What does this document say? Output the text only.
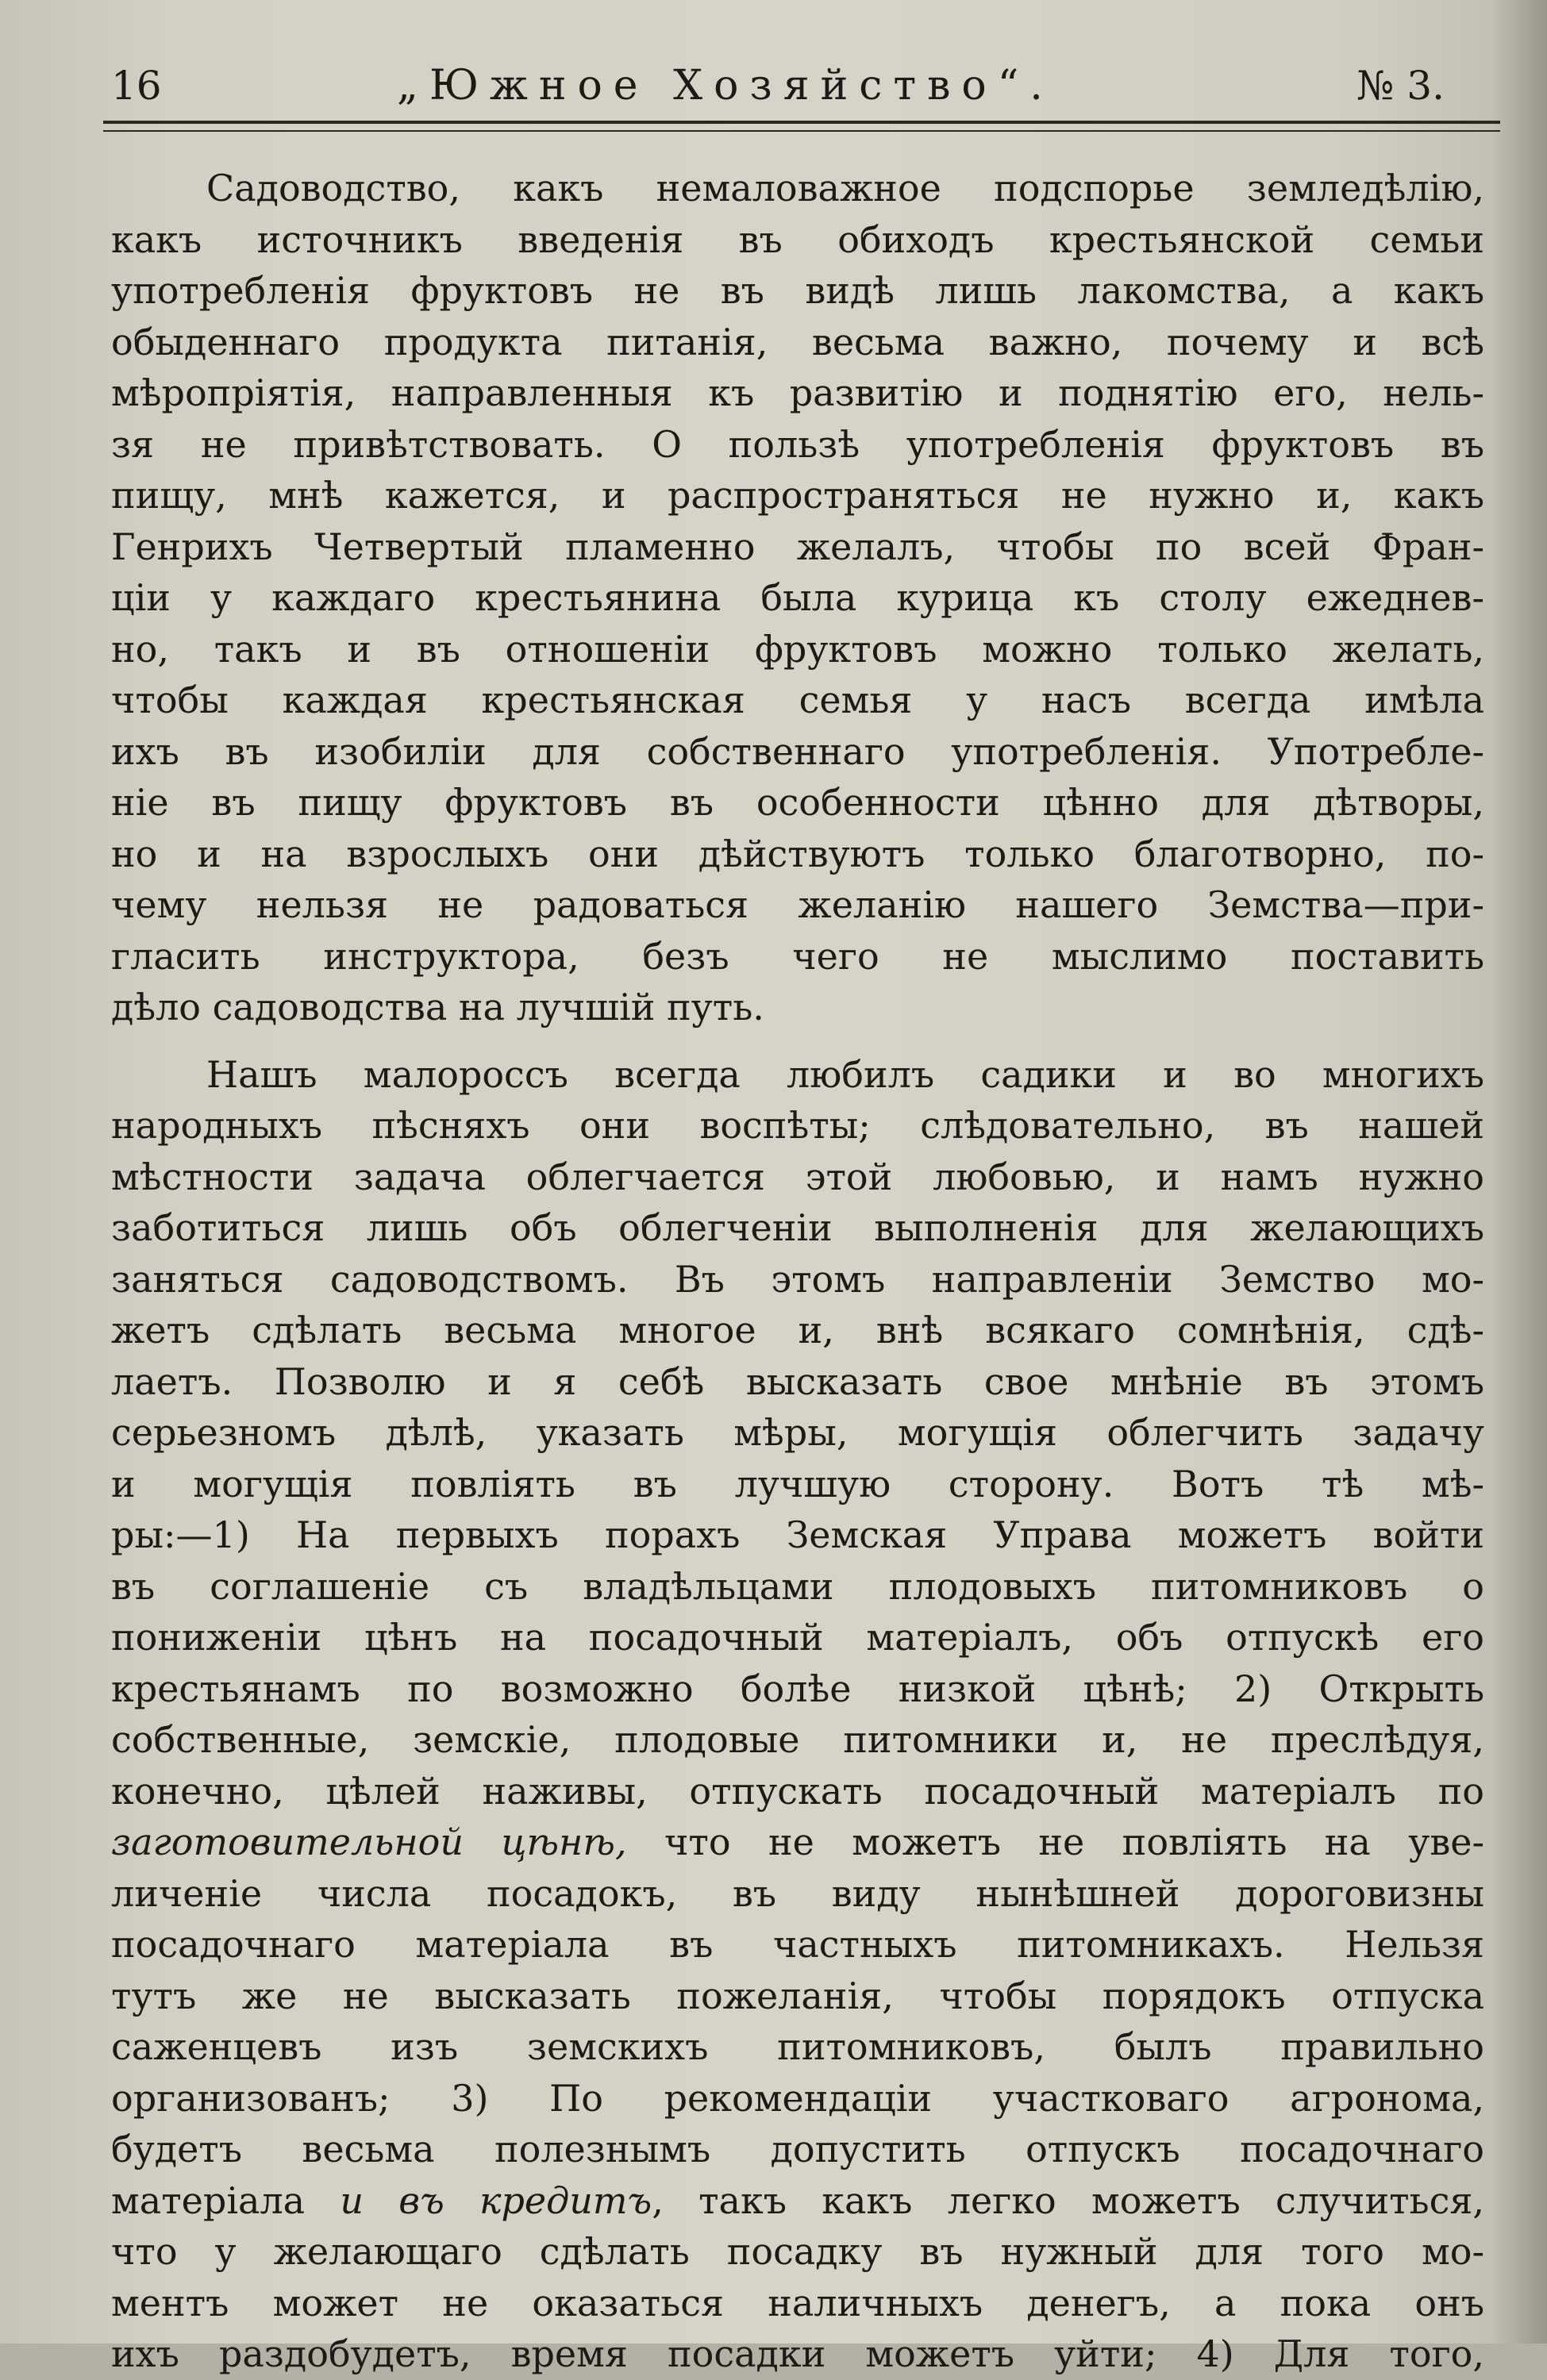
16	„Южное Хозяйство“.	№ 3.
Садоводство, какъ немаловажное подспорье земледѣлію,
какъ источникъ введенія въ обиходъ крестьянской семьи
употребленія фруктовъ не въ видѣ лишь лакомства, а какъ
обыденнаго продукта питанія, весьма важно, почему и всѣ
мѣропріятія, направленныя къ развитію и поднятію его, нель-
зя не привѣтствовать. О пользѣ употребленія фруктовъ въ
пищу, мнѣ кажется, и распространяться не нужно и, какъ
Генрихъ Четвертый пламенно желалъ, чтобы по всей Фран-
ціи у каждаго крестьянина была курица къ столу ежеднев-
но, такъ и въ отношеніи фруктовъ можно только желать,
чтобы каждая крестьянская семья у насъ всегда имѣла
ихъ въ изобиліи для собственнаго употребленія. Употребле-
ніе въ пищу фруктовъ въ особенности цѣнно для дѣтворы,
но и на взрослыхъ они дѣйствуютъ только благотворно, по-
чему нельзя не радоваться желанію нашего Земства—при-
гласить инструктора, безъ чего не мыслимо поставить
дѣло садоводства на лучшій путь.
Нашъ малороссъ всегда любилъ садики и во многихъ
народныхъ пѣсняхъ они воспѣты; слѣдовательно, въ нашей
мѣстности задача облегчается этой любовью, и намъ нужно
заботиться лишь объ облегченіи выполненія для желающихъ
заняться садоводствомъ. Въ этомъ направленіи Земство мо-
жетъ сдѣлать весьма многое и, внѣ всякаго сомнѣнія, сдѣ-
лаетъ. Позволю и я себѣ высказать свое мнѣніе въ этомъ
серьезномъ дѣлѣ, указать мѣры, могущія облегчить задачу
и могущія повліять въ лучшую сторону. Вотъ тѣ мѣ-
ры:—1) На первыхъ порахъ Земская Управа можетъ войти
въ соглашеніе съ владѣльцами плодовыхъ питомниковъ о
пониженіи цѣнъ на посадочный матеріалъ, объ отпускѣ его
крестьянамъ по возможно болѣе низкой цѣнѣ; 2) Открыть
собственные, земскіе, плодовые питомники и, не преслѣдуя,
конечно, цѣлей наживы, отпускать посадочный матеріалъ по
заготовительной цѣнѣ, что не можетъ не повліять на уве-
личеніе числа посадокъ, въ виду нынѣшней дороговизны
посадочнаго матеріала въ частныхъ питомникахъ. Нельзя
тутъ же не высказать пожеланія, чтобы порядокъ отпуска
саженцевъ изъ земскихъ питомниковъ, былъ правильно
организованъ; 3) По рекомендаціи участковаго агронома,
будетъ весьма полезнымъ допустить отпускъ посадочнаго
матеріала и въ кредитъ, такъ какъ легко можетъ случиться,
что у желающаго сдѣлать посадку въ нужный для того мо-
ментъ может не оказаться наличныхъ денегъ, а пока онъ
ихъ раздобудетъ, время посадки можетъ уйти; 4) Для того,
